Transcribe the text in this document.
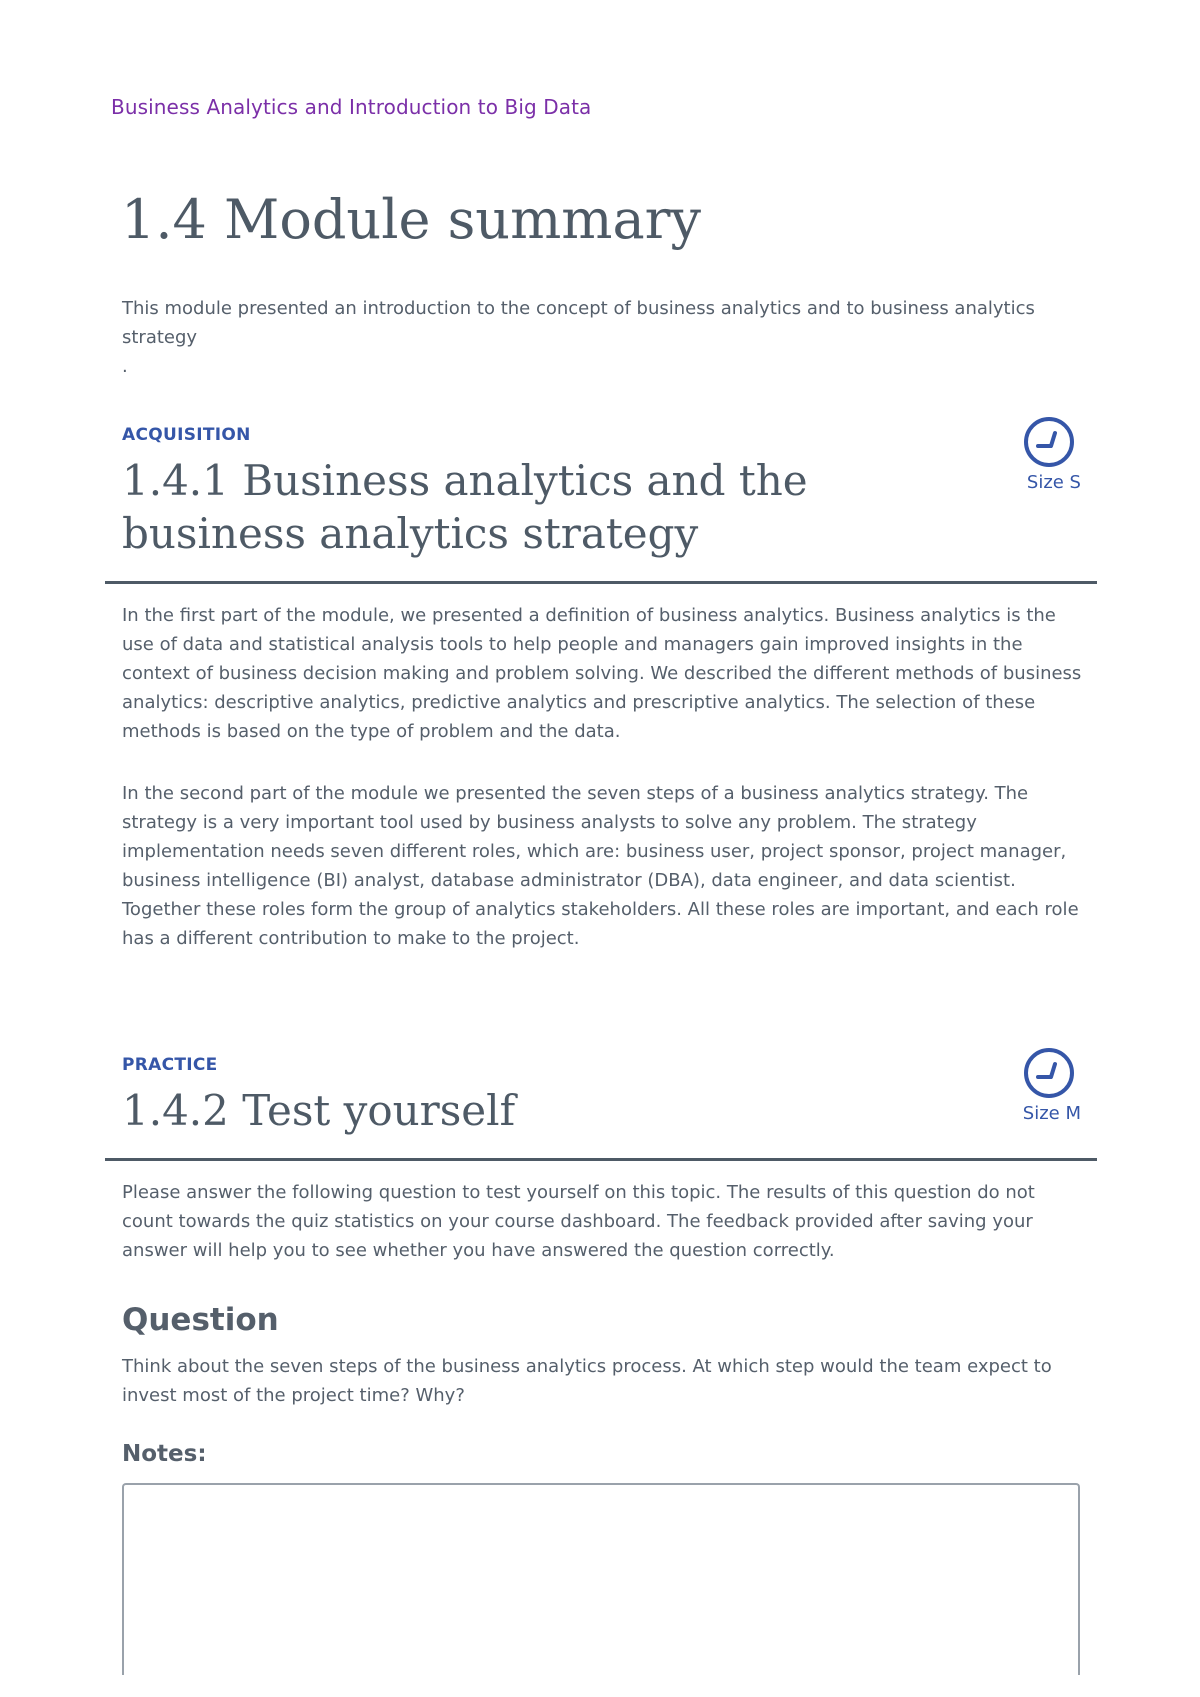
Business Analytics and Introduction to Big Data
1.4 Module summary
This module presented an introduction to the concept of business analytics and to business analytics strategy
.
ACQUISITION
1.4.1 Business analytics and the
business analytics strategy
Size S

In the first part of the module, we presented a definition of business analytics. Business analytics is the use of data and statistical analysis tools to help people and managers gain improved insights in the context of business decision making and problem solving. We described the different methods of business analytics: descriptive analytics, predictive analytics and prescriptive analytics. The selection of these methods is based on the type of problem and the data.

In the second part of the module we presented the seven steps of a business analytics strategy. The strategy is a very important tool used by business analysts to solve any problem. The strategy implementation needs seven different roles, which are: business user, project sponsor, project manager, business intelligence (BI) analyst, database administrator (DBA), data engineer, and data scientist. Together these roles form the group of analytics stakeholders. All these roles are important, and each role has a different contribution to make to the project.

PRACTICE
1.4.2 Test yourself	Size M

Please answer the following question to test yourself on this topic. The results of this question do not count towards the quiz statistics on your course dashboard. The feedback provided after saving your answer will help you to see whether you have answered the question correctly.

Question

Think about the seven steps of the business analytics process. At which step would the team expect to invest most of the project time? Why?

Notes:
